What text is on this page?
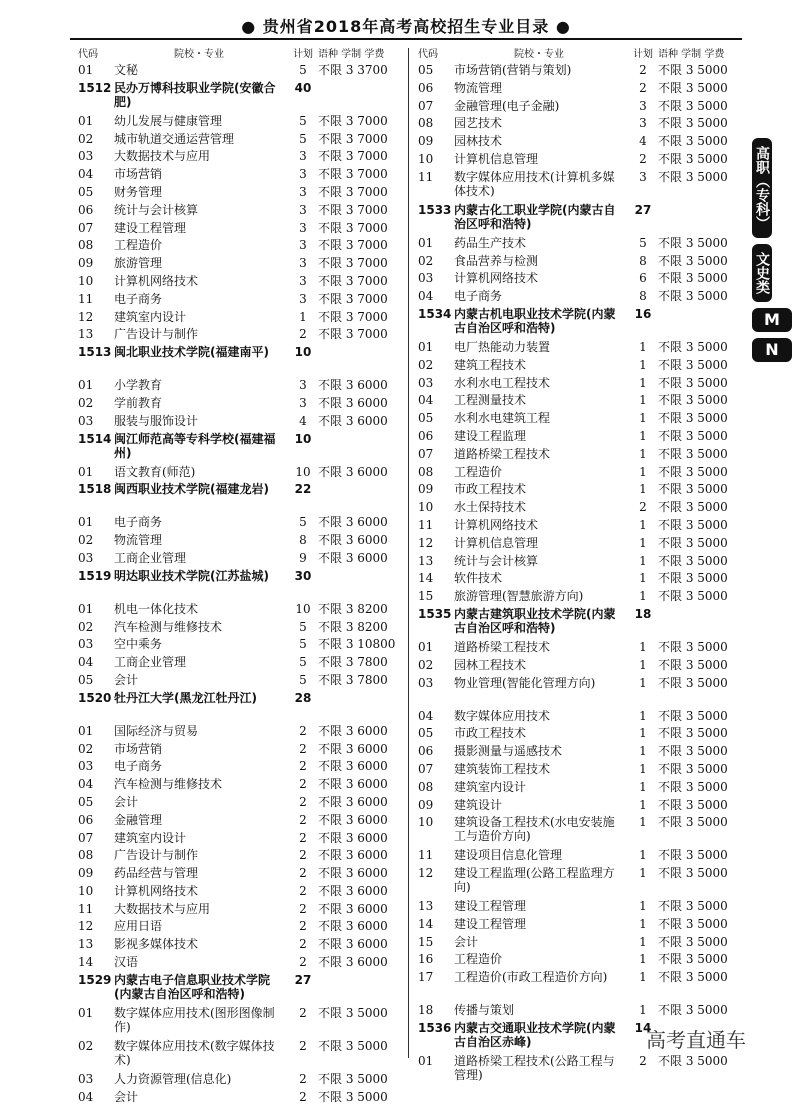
● 贵州省2018年高考高校招生专业目录 ●
代码	院校・专业	计划	语种 学制 学费
01	文秘	5	不限 3 3700
1512	民办万博科技职业学院(安徽合肥)	40	
01	幼儿发展与健康管理	5	不限 3 7000
02	城市轨道交通运营管理	5	不限 3 7000
03	大数据技术与应用	3	不限 3 7000
04	市场营销	3	不限 3 7000
05	财务管理	3	不限 3 7000
06	统计与会计核算	3	不限 3 7000
07	建设工程管理	3	不限 3 7000
08	工程造价	3	不限 3 7000
09	旅游管理	3	不限 3 7000
10	计算机网络技术	3	不限 3 7000
11	电子商务	3	不限 3 7000
12	建筑室内设计	1	不限 3 7000
13	广告设计与制作	2	不限 3 7000
1513	闽北职业技术学院(福建南平)	10	
01	小学教育	3	不限 3 6000
02	学前教育	3	不限 3 6000
03	服装与服饰设计	4	不限 3 6000
1514	闽江师范高等专科学校(福建福州)	10	
01	语文教育(师范)	10	不限 3 6000
1518	闽西职业技术学院(福建龙岩)	22	
01	电子商务	5	不限 3 6000
02	物流管理	8	不限 3 6000
03	工商企业管理	9	不限 3 6000
1519	明达职业技术学院(江苏盐城)	30	
01	机电一体化技术	10	不限 3 8200
02	汽车检测与维修技术	5	不限 3 8200
03	空中乘务	5	不限 3 10800
04	工商企业管理	5	不限 3 7800
05	会计	5	不限 3 7800
1520	牡丹江大学(黑龙江牡丹江)	28	
01	国际经济与贸易	2	不限 3 6000
02	市场营销	2	不限 3 6000
03	电子商务	2	不限 3 6000
04	汽车检测与维修技术	2	不限 3 6000
05	会计	2	不限 3 6000
06	金融管理	2	不限 3 6000
07	建筑室内设计	2	不限 3 6000
08	广告设计与制作	2	不限 3 6000
09	药品经营与管理	2	不限 3 6000
10	计算机网络技术	2	不限 3 6000
11	大数据技术与应用	2	不限 3 6000
12	应用日语	2	不限 3 6000
13	影视多媒体技术	2	不限 3 6000
14	汉语	2	不限 3 6000
1529	内蒙古电子信息职业技术学院(内蒙古自治区呼和浩特)	27	
01	数字媒体应用技术(图形图像制作)	2	不限 3 5000
02	数字媒体应用技术(数字媒体技术)	2	不限 3 5000
03	人力资源管理(信息化)	2	不限 3 5000
04	会计	2	不限 3 5000
代码	院校・专业	计划	语种 学制 学费
05	市场营销(营销与策划)	2	不限 3 5000
06	物流管理	2	不限 3 5000
07	金融管理(电子金融)	3	不限 3 5000
08	园艺技术	3	不限 3 5000
09	园林技术	4	不限 3 5000
10	计算机信息管理	2	不限 3 5000
11	数字媒体应用技术(计算机多媒体技术)	3	不限 3 5000
1533	内蒙古化工职业学院(内蒙古自治区呼和浩特)	27	
01	药品生产技术	5	不限 3 5000
02	食品营养与检测	8	不限 3 5000
03	计算机网络技术	6	不限 3 5000
04	电子商务	8	不限 3 5000
1534	内蒙古机电职业技术学院(内蒙古自治区呼和浩特)	16	
01	电厂热能动力装置	1	不限 3 5000
02	建筑工程技术	1	不限 3 5000
03	水利水电工程技术	1	不限 3 5000
04	工程测量技术	1	不限 3 5000
05	水利水电建筑工程	1	不限 3 5000
06	建设工程监理	1	不限 3 5000
07	道路桥梁工程技术	1	不限 3 5000
08	工程造价	1	不限 3 5000
09	市政工程技术	1	不限 3 5000
10	水土保持技术	2	不限 3 5000
11	计算机网络技术	1	不限 3 5000
12	计算机信息管理	1	不限 3 5000
13	统计与会计核算	1	不限 3 5000
14	软件技术	1	不限 3 5000
15	旅游管理(智慧旅游方向)	1	不限 3 5000
1535	内蒙古建筑职业技术学院(内蒙古自治区呼和浩特)	18	
01	道路桥梁工程技术	1	不限 3 5000
02	园林工程技术	1	不限 3 5000
03	物业管理(智能化管理方向)	1	不限 3 5000
04	数字媒体应用技术	1	不限 3 5000
05	市政工程技术	1	不限 3 5000
06	摄影测量与遥感技术	1	不限 3 5000
07	建筑装饰工程技术	1	不限 3 5000
08	建筑室内设计	1	不限 3 5000
09	建筑设计	1	不限 3 5000
10	建筑设备工程技术(水电安装施工与造价方向)	1	不限 3 5000
11	建设项目信息化管理	1	不限 3 5000
12	建设工程监理(公路工程监理方向)	1	不限 3 5000
13	建设工程管理	1	不限 3 5000
14	建设工程管理	1	不限 3 5000
15	会计	1	不限 3 5000
16	工程造价	1	不限 3 5000
17	工程造价(市政工程造价方向)	1	不限 3 5000
18	传播与策划	1	不限 3 5000
1536	内蒙古交通职业技术学院(内蒙古自治区赤峰)	14	
01	道路桥梁工程技术(公路工程与管理)	2	不限 3 5000
高职（专科）
文史类
M
N
高考直通车
